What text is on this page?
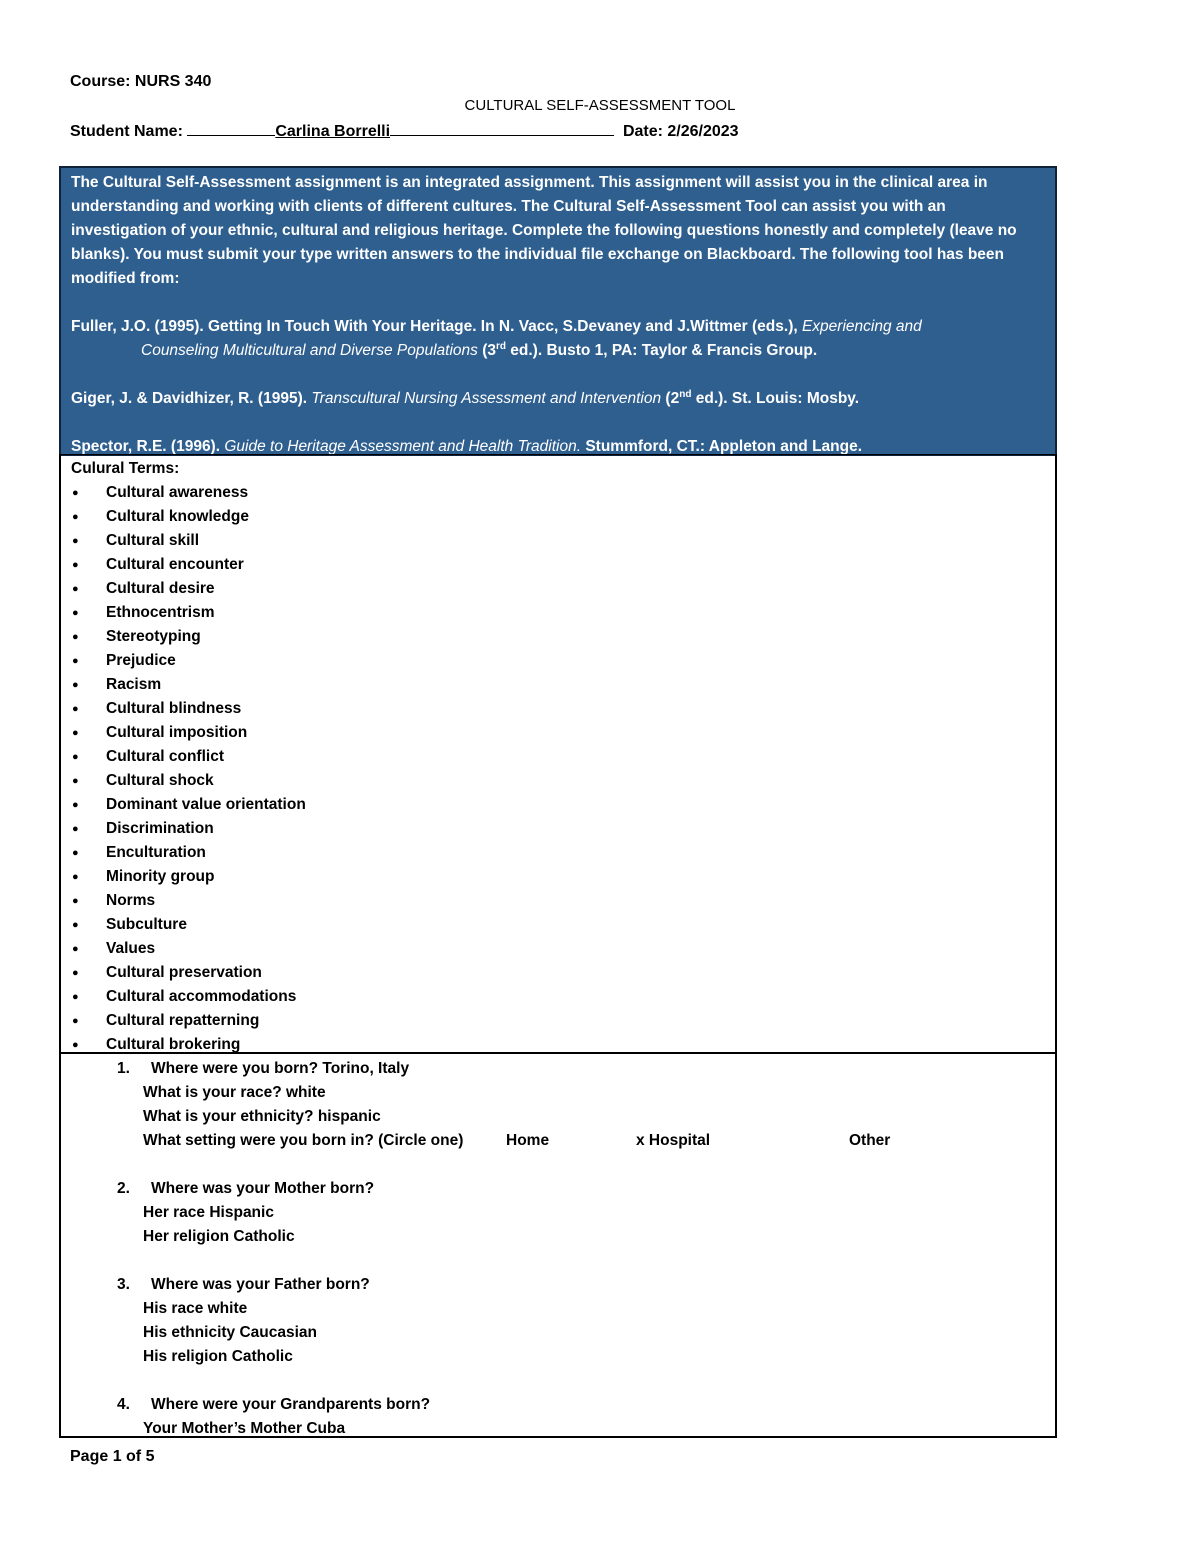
Course: NURS 340
CULTURAL SELF-ASSESSMENT TOOL
Student Name:	Carlina Borrelli	Date: 2/26/2023

The Cultural Self-Assessment assignment is an integrated assignment. This assignment will assist you in the clinical area in understanding and working with clients of different cultures. The Cultural Self-Assessment Tool can assist you with an investigation of your ethnic, cultural and religious heritage. Complete the following questions honestly and completely (leave no blanks). You must submit your type written answers to the individual file exchange on Blackboard. The following tool has been modified from:

Fuller, J.O. (1995). Getting In Touch With Your Heritage. In N. Vacc, S.Devaney and J.Wittmer (eds.), Experiencing and
Counseling Multicultural and Diverse Populations (3rd ed.). Busto 1, PA: Taylor & Francis Group.

Giger, J. & Davidhizer, R. (1995). Transcultural Nursing Assessment and Intervention (2nd ed.). St. Louis: Mosby.

Spector, R.E. (1996). Guide to Heritage Assessment and Health Tradition. Stummford, CT.: Appleton and Lange.

Culural Terms:
● Cultural awareness
● Cultural knowledge
● Cultural skill
● Cultural encounter
● Cultural desire
● Ethnocentrism
● Stereotyping
● Prejudice
● Racism
● Cultural blindness
● Cultural imposition
● Cultural conflict
● Cultural shock
● Dominant value orientation
● Discrimination
● Enculturation
● Minority group
● Norms
● Subculture
● Values
● Cultural preservation
● Cultural accommodations
● Cultural repatterning
● Cultural brokering
1. Where were you born? Torino, Italy
What is your race? white
What is your ethnicity? hispanic
What setting were you born in? (Circle one)	Home	x Hospital	Other
2. Where was your Mother born?
Her race Hispanic
Her religion Catholic
3. Where was your Father born?
His race white
His ethnicity Caucasian
His religion Catholic
4. Where were your Grandparents born?
Your Mother’s Mother Cuba
Page 1 of 5
